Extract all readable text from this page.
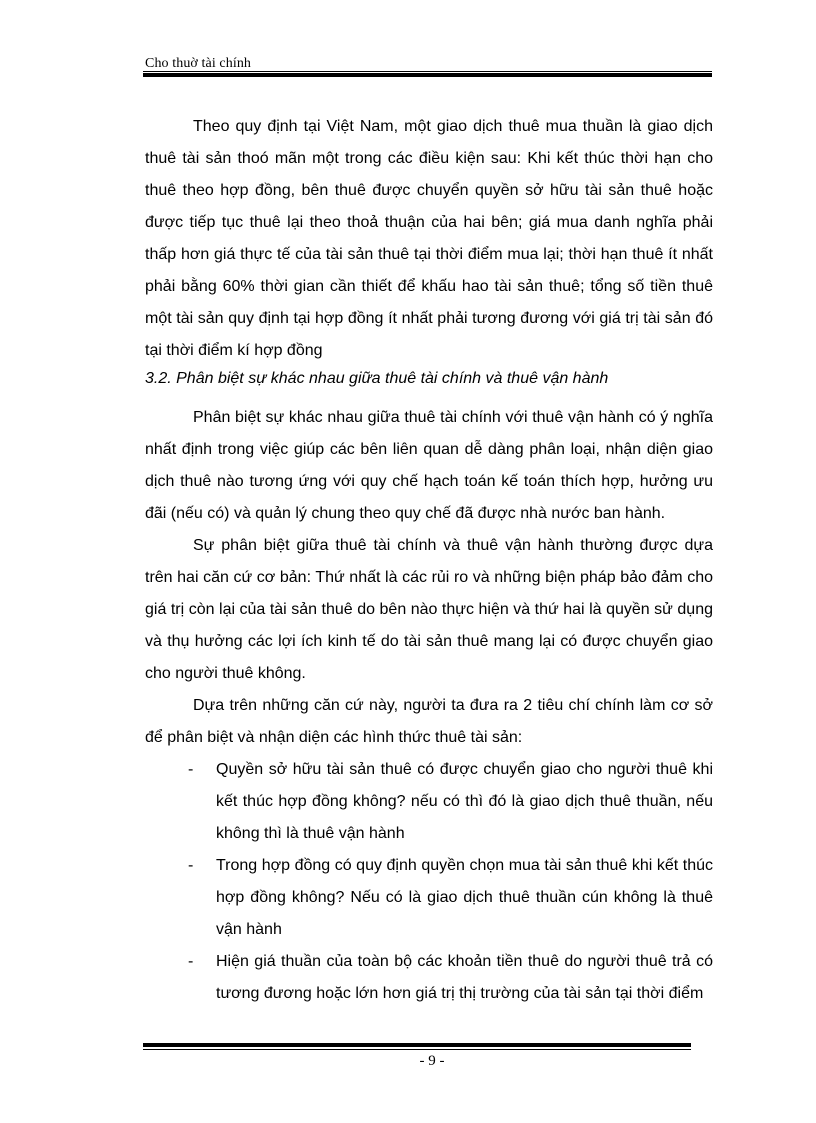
Cho thuờ tài chính

Theo quy định tại Việt Nam, một giao dịch thuê mua thuần là giao dịch thuê tài sản thoó mãn một trong các điều kiện sau: Khi kết thúc thời hạn cho thuê theo hợp đồng, bên thuê được chuyển quyền sở hữu tài sản thuê hoặc được tiếp tục thuê lại theo thoả thuận của hai bên; giá mua danh nghĩa phải thấp hơn giá thực tế của tài sản thuê tại thời điểm mua lại; thời hạn thuê ít nhất phải bằng 60% thời gian cần thiết để khấu hao tài sản thuê; tổng số tiền thuê một tài sản quy định tại hợp đồng ít nhất phải tương đương với giá trị tài sản đó tại thời điểm kí hợp đồng

3.2. Phân biệt sự khác nhau giữa thuê tài chính và thuê vận hành

Phân biệt sự khác nhau giữa thuê tài chính với thuê vận hành có ý nghĩa nhất định trong việc giúp các bên liên quan dễ dàng phân loại, nhận diện giao dịch thuê nào tương ứng với quy chế hạch toán kế toán thích hợp, hưởng ưu đãi (nếu có) và quản lý chung theo quy chế đã được nhà nước ban hành.

Sự phân biệt giữa thuê tài chính và thuê vận hành thường được dựa trên hai căn cứ cơ bản: Thứ nhất là các rủi ro và những biện pháp bảo đảm cho giá trị còn lại của tài sản thuê do bên nào thực hiện và thứ hai là quyền sử dụng và thụ hưởng các lợi ích kinh tế do tài sản thuê mang lại có được chuyển giao cho người thuê không.

Dựa trên những căn cứ này, người ta đưa ra 2 tiêu chí chính làm cơ sở để phân biệt và nhận diện các hình thức thuê tài sản:

- Quyền sở hữu tài sản thuê có được chuyển giao cho người thuê khi kết thúc hợp đồng không? nếu có thì đó là giao dịch thuê thuần, nếu không thì là thuê vận hành
- Trong hợp đồng có quy định quyền chọn mua tài sản thuê khi kết thúc hợp đồng không? Nếu có là giao dịch thuê thuần cún không là thuê vận hành
- Hiện giá thuần của toàn bộ các khoản tiền thuê do người thuê trả có tương đương hoặc lớn hơn giá trị thị trường của tài sản tại thời điểm
- 9 -
